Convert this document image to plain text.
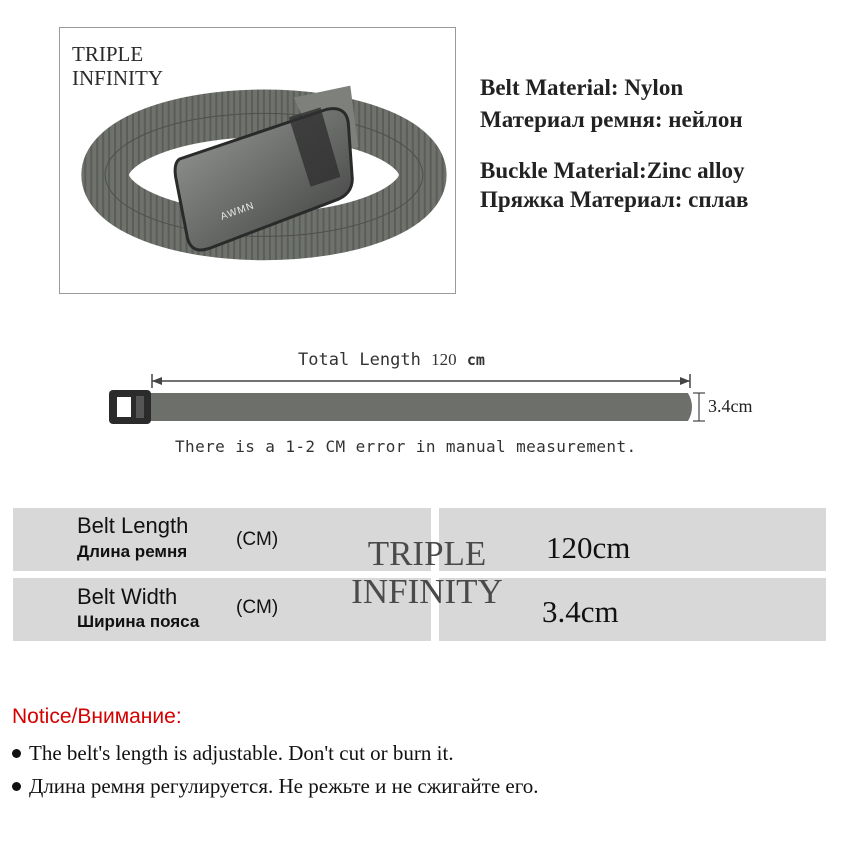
TRIPLE
INFINITY
AWMN
Belt Material: Nylon
Материал ремня: нейлон
Buckle Material:Zinc alloy
Пряжка Материал: сплав
Total Length 120 cm
3.4cm
There is a 1-2 CM error in manual measurement.
Belt Length
Длина ремня
(CM)	120cm
Belt Width
Ширина пояса
(CM)	3.4cm
TRIPLE
INFINITY
Notice/Внимание:
The belt's length is adjustable. Don't cut or burn it.
Длина ремня регулируется. Не режьте и не сжигайте его.
